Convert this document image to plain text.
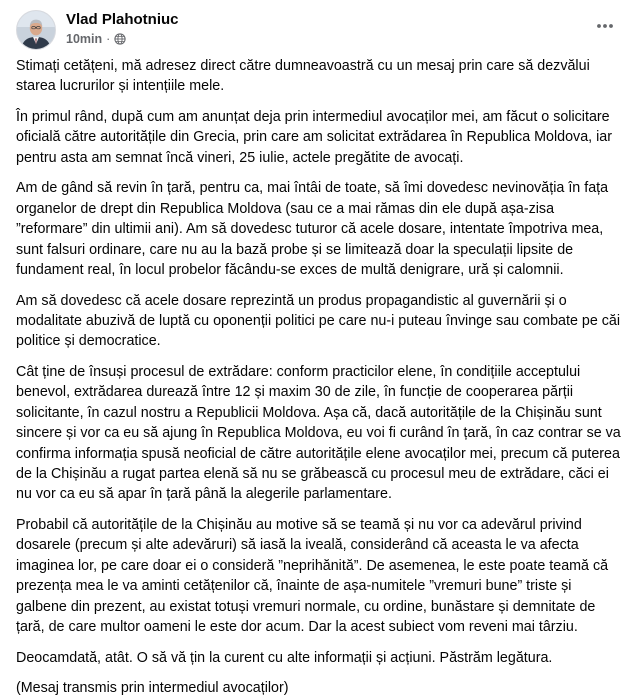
Vlad Plahotniuc
10min ·

Stimați cetățeni, mă adresez direct către dumneavoastră cu un mesaj prin care să dezvălui starea lucrurilor și intențiile mele.

În primul rând, după cum am anunțat deja prin intermediul avocaților mei, am făcut o solicitare oficială către autoritățile din Grecia, prin care am solicitat extrădarea în Republica Moldova, iar pentru asta am semnat încă vineri, 25 iulie, actele pregătite de avocați.

Am de gând să revin în țară, pentru ca, mai întâi de toate, să îmi dovedesc nevinovăția în fața organelor de drept din Republica Moldova (sau ce a mai rămas din ele după așa-zisa ”reformare” din ultimii ani). Am să dovedesc tuturor că acele dosare, intentate împotriva mea, sunt falsuri ordinare, care nu au la bază probe și se limitează doar la speculații lipsite de fundament real, în locul probelor făcându-se exces de multă denigrare, ură și calomnii.

Am să dovedesc că acele dosare reprezintă un produs propagandistic al guvernării și o modalitate abuzivă de luptă cu oponenții politici pe care nu-i puteau învinge sau combate pe căi politice și democratice.

Cât ține de însuși procesul de extrădare: conform practicilor elene, în condițiile acceptului benevol, extrădarea durează între 12 și maxim 30 de zile, în funcție de cooperarea părții solicitante, în cazul nostru a Republicii Moldova. Așa că, dacă autoritățile de la Chișinău sunt sincere și vor ca eu să ajung în Republica Moldova, eu voi fi curând în țară, în caz contrar se va confirma informația spusă neoficial de către autoritățile elene avocaților mei, precum că puterea de la Chișinău a rugat partea elenă să nu se grăbească cu procesul meu de extrădare, căci ei nu vor ca eu să apar în țară până la alegerile parlamentare.

Probabil că autoritățile de la Chișinău au motive să se teamă și nu vor ca adevărul privind dosarele (precum și alte adevăruri) să iasă la iveală, considerând că aceasta le va afecta imaginea lor, pe care doar ei o consideră ”neprihănită”. De asemenea, le este poate teamă că prezența mea le va aminti cetățenilor că, înainte de așa-numitele ”vremuri bune” triste și galbene din prezent, au existat totuși vremuri normale, cu ordine, bunăstare și demnitate de țară, de care multor oameni le este dor acum. Dar la acest subiect vom reveni mai târziu.

Deocamdată, atât. O să vă țin la curent cu alte informații și acțiuni. Păstrăm legătura.

(Mesaj transmis prin intermediul avocaților)
